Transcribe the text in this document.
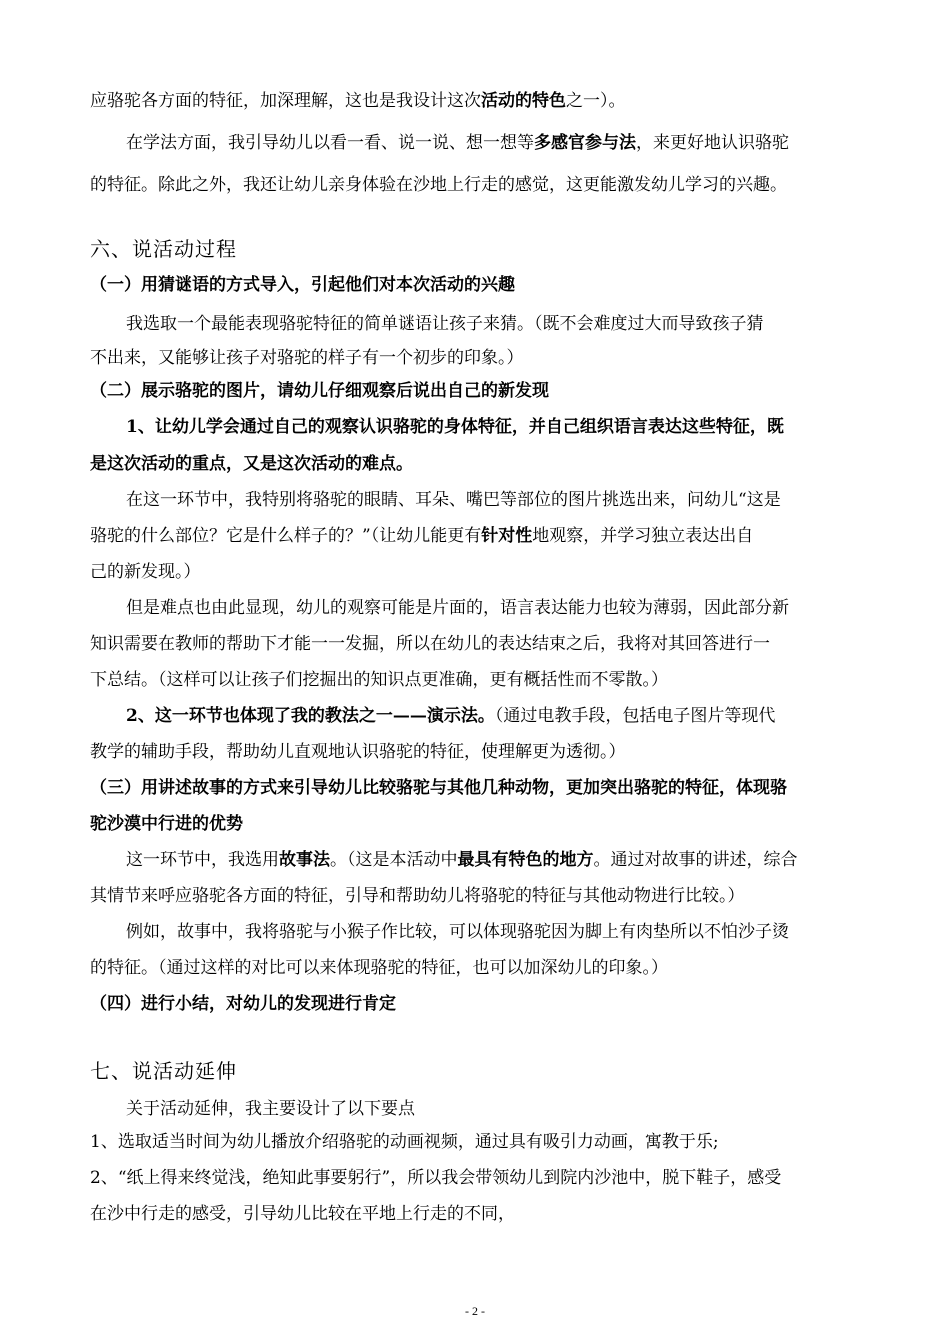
应骆驼各方面的特征，加深理解，这也是我设计这次活动的特色之一）。
在学法方面，我引导幼儿以看一看、说一说、想一想等多感官参与法，来更好地认识骆驼
的特征。除此之外，我还让幼儿亲身体验在沙地上行走的感觉，这更能激发幼儿学习的兴趣。
六、说活动过程
（一）用猜谜语的方式导入，引起他们对本次活动的兴趣
我选取一个最能表现骆驼特征的简单谜语让孩子来猜。（既不会难度过大而导致孩子猜
不出来，又能够让孩子对骆驼的样子有一个初步的印象。）
（二）展示骆驼的图片，请幼儿仔细观察后说出自己的新发现
1、让幼儿学会通过自己的观察认识骆驼的身体特征，并自己组织语言表达这些特征，既
是这次活动的重点，又是这次活动的难点。
在这一环节中，我特别将骆驼的眼睛、耳朵、嘴巴等部位的图片挑选出来，问幼儿“这是
骆驼的什么部位？它是什么样子的？”（让幼儿能更有针对性地观察，并学习独立表达出自
己的新发现。）
但是难点也由此显现，幼儿的观察可能是片面的，语言表达能力也较为薄弱，因此部分新
知识需要在教师的帮助下才能一一发掘，所以在幼儿的表达结束之后，我将对其回答进行一
下总结。（这样可以让孩子们挖掘出的知识点更准确，更有概括性而不零散。）
2、这一环节也体现了我的教法之一——演示法。（通过电教手段，包括电子图片等现代
教学的辅助手段，帮助幼儿直观地认识骆驼的特征，使理解更为透彻。）
（三）用讲述故事的方式来引导幼儿比较骆驼与其他几种动物，更加突出骆驼的特征，体现骆
驼沙漠中行进的优势
这一环节中，我选用故事法。（这是本活动中最具有特色的地方。通过对故事的讲述，综合
其情节来呼应骆驼各方面的特征，引导和帮助幼儿将骆驼的特征与其他动物进行比较。）
例如，故事中，我将骆驼与小猴子作比较，可以体现骆驼因为脚上有肉垫所以不怕沙子烫
的特征。（通过这样的对比可以来体现骆驼的特征，也可以加深幼儿的印象。）
（四）进行小结，对幼儿的发现进行肯定
七、说活动延伸
关于活动延伸，我主要设计了以下要点
1、选取适当时间为幼儿播放介绍骆驼的动画视频，通过具有吸引力动画，寓教于乐;
2、“纸上得来终觉浅，绝知此事要躬行”，所以我会带领幼儿到院内沙池中，脱下鞋子，感受
在沙中行走的感受，引导幼儿比较在平地上行走的不同，
- 2 -
